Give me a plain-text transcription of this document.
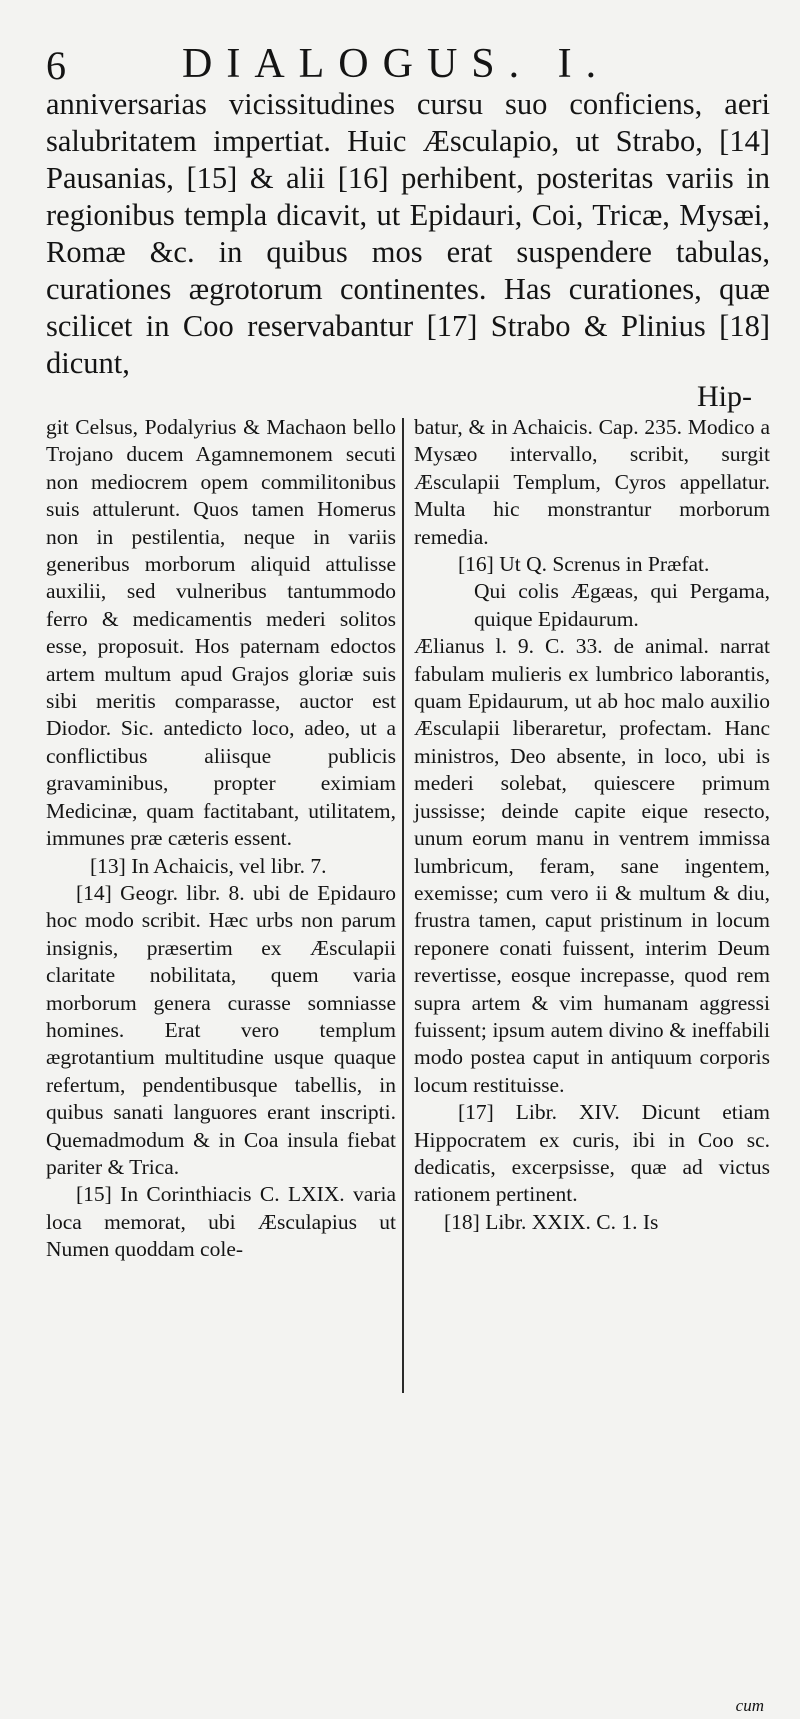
6	DIALOGUS. I.

anniversarias vicissitudines cursu suo conficiens, aeri salubritatem impertiat. Huic Æsculapio, ut Strabo, [14] Pausanias, [15] & alii [16] perhibent, posteritas variis in regionibus templa dicavit, ut Epidauri, Coi, Tricæ, Mysæi, Romæ &c. in quibus mos erat suspendere tabulas, curationes ægrotorum continentes. Has curationes, quæ scilicet in Coo reservabantur [17] Strabo & Plinius [18] dicunt,

Hip-

git Celsus, Podalyrius & Machaon bello Trojano ducem Agamnemonem secuti non mediocrem opem commilitonibus suis attulerunt. Quos tamen Homerus non in pestilentia, neque in variis generibus morborum aliquid attulisse auxilii, sed vulneribus tantummodo ferro & medicamentis mederi solitos esse, proposuit. Hos paternam edoctos artem multum apud Grajos gloriæ suis sibi meritis comparasse, auctor est Diodor. Sic. antedicto loco, adeo, ut a conflictibus aliisque publicis gravaminibus, propter eximiam Medicinæ, quam factitabant, utilitatem, immunes præ cæteris essent.

[13] In Achaicis, vel libr. 7.

[14] Geogr. libr. 8. ubi de Epidauro hoc modo scribit. Hæc urbs non parum insignis, præsertim ex Æsculapii claritate nobilitata, quem varia morborum genera curasse somniasse homines. Erat vero templum ægrotantium multitudine usque quaque refertum, pendentibusque tabellis, in quibus sanati languores erant inscripti. Quemadmodum & in Coa insula fiebat pariter & Trica.

[15] In Corinthiacis C. LXIX. varia loca memorat, ubi Æsculapius ut Numen quoddam cole-

batur, & in Achaicis. Cap. 235. Modico a Mysæo intervallo, scribit, surgit Æsculapii Templum, Cyros appellatur. Multa hic monstrantur morborum remedia.

[16] Ut Q. Screnus in Præfat.

Qui colis Ægæas, qui Pergama, quique Epidaurum.

Ælianus l. 9. C. 33. de animal. narrat fabulam mulieris ex lumbrico laborantis, quam Epidaurum, ut ab hoc malo auxilio Æsculapii liberaretur, profectam. Hanc ministros, Deo absente, in loco, ubi is mederi solebat, quiescere primum jussisse; deinde capite eique resecto, unum eorum manu in ventrem immissa lumbricum, feram, sane ingentem, exemisse; cum vero ii & multum & diu, frustra tamen, caput pristinum in locum reponere conati fuissent, interim Deum revertisse, eosque increpasse, quod rem supra artem & vim humanam aggressi fuissent; ipsum autem divino & ineffabili modo postea caput in antiquum corporis locum restituisse.

[17] Libr. XIV. Dicunt etiam Hippocratem ex curis, ibi in Coo sc. dedicatis, excerpsisse, quæ ad victus rationem pertinent.

[18] Libr. XXIX. C. 1. Is

cum
